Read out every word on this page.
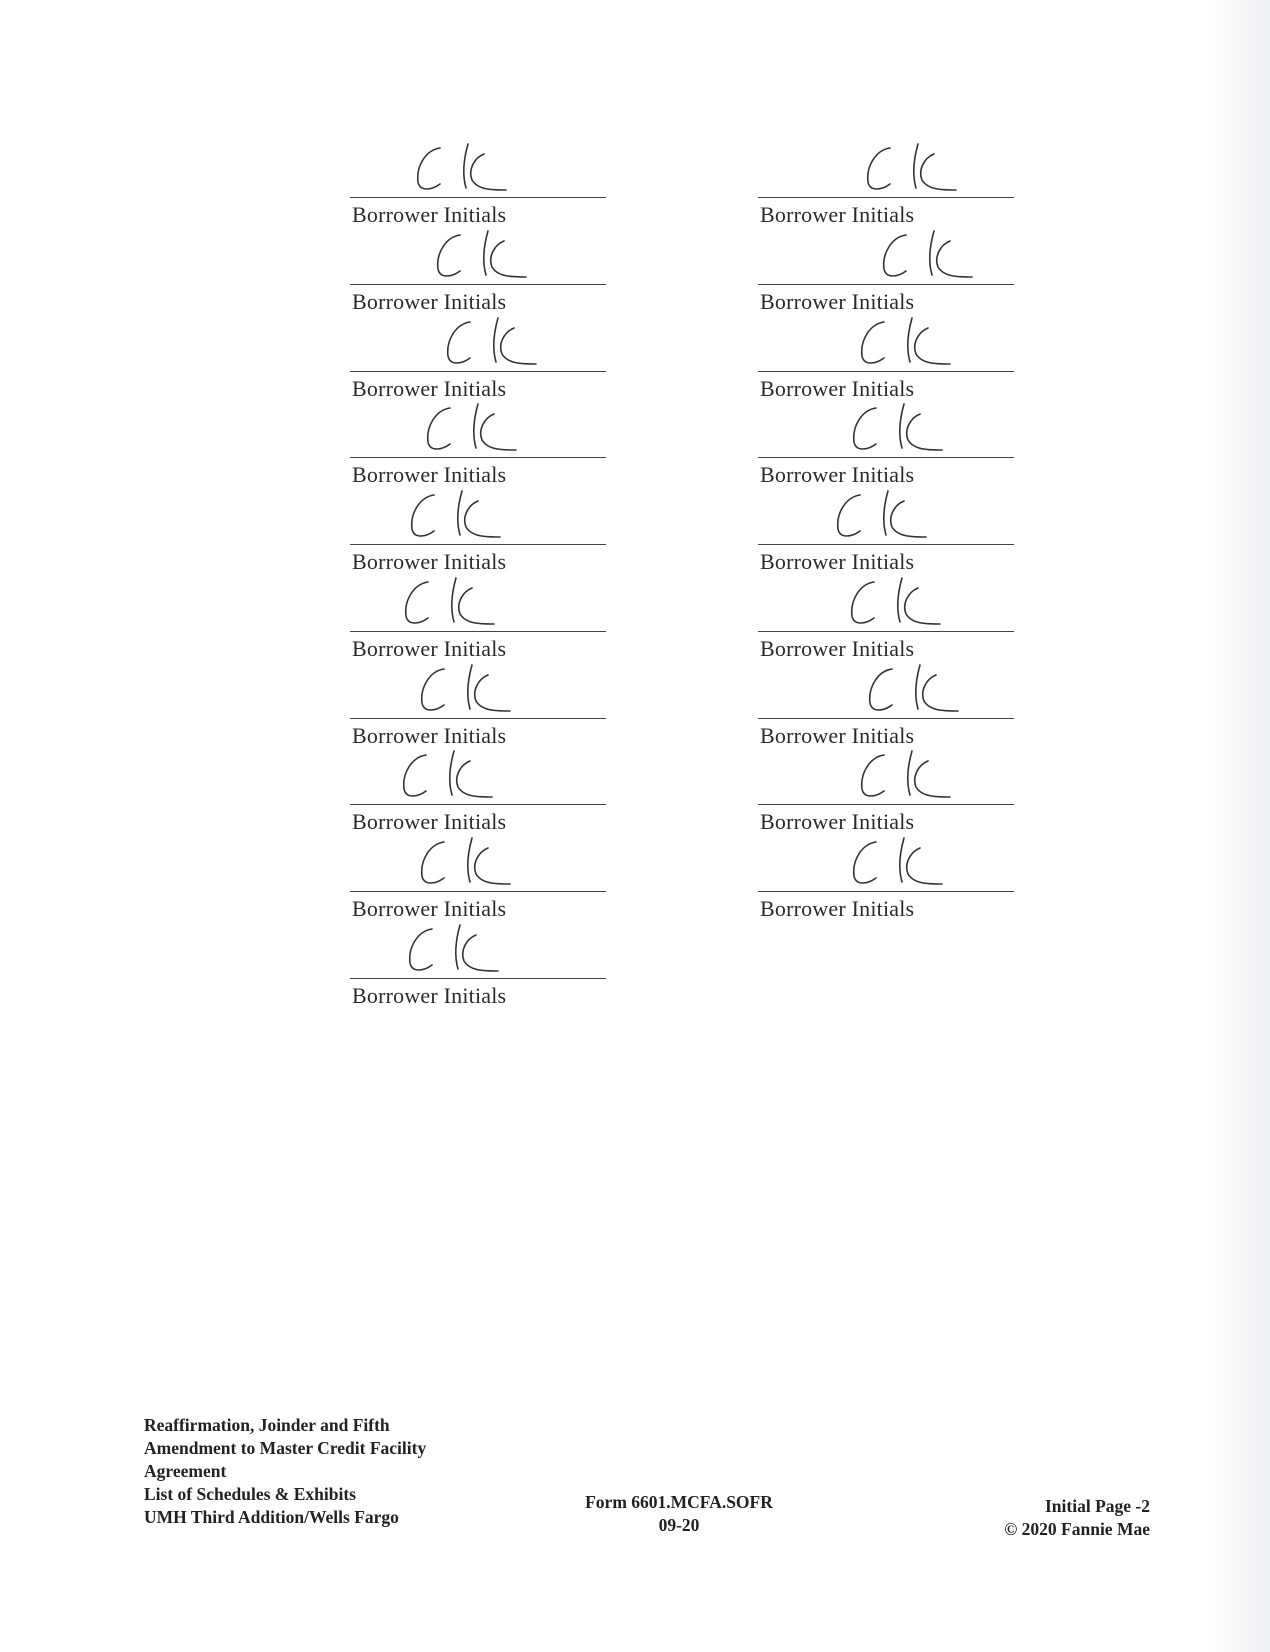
Borrower Initials
Borrower Initials
Borrower Initials
Borrower Initials
Borrower Initials
Borrower Initials
Borrower Initials
Borrower Initials
Borrower Initials
Borrower Initials
Borrower Initials
Borrower Initials
Borrower Initials
Borrower Initials
Borrower Initials
Borrower Initials
Borrower Initials
Borrower Initials
Borrower Initials
Reaffirmation, Joinder and Fifth
Amendment to Master Credit Facility
Agreement
List of Schedules & Exhibits
UMH Third Addition/Wells Fargo
Form 6601.MCFA.SOFR
09-20
Initial Page -2
© 2020 Fannie Mae
